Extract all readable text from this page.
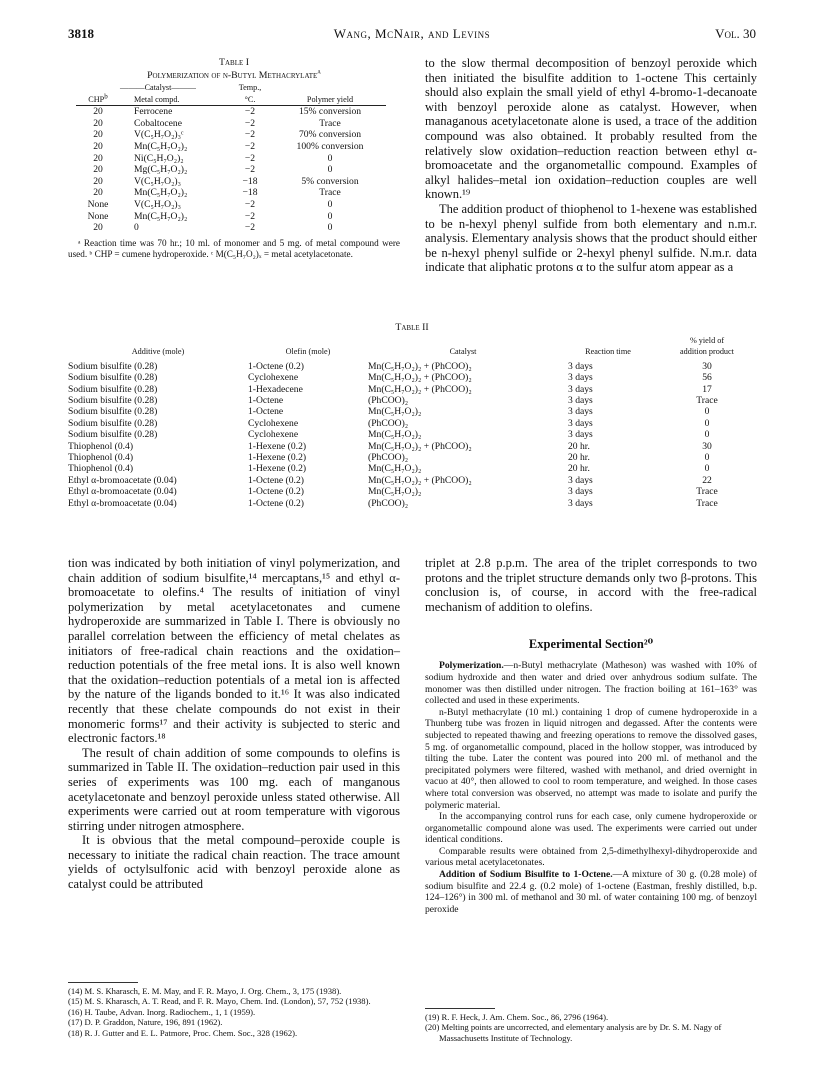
3818	Wang, McNair, and Levins	Vol. 30
Table I
Polymerization of n-Butyl Methacrylate$^a$
	———Catalyst———	Temp.,	
CHP$^b$	Metal compd.	°C.	Polymer yield
20	Ferrocene	−2	15% conversion
20	Cobaltocene	−2	Trace
20	V(C₅H₇O₂)₃ᶜ	−2	70% conversion
20	Mn(C₅H₇O₂)₂	−2	100% conversion
20	Ni(C₅H₇O₂)₂	−2	0
20	Mg(C₅H₇O₂)₂	−2	0
20	V(C₅H₇O₂)₃	−18	5% conversion
20	Mn(C₅H₇O₂)₂	−18	Trace
None	V(C₅H₇O₂)₃	−2	0
None	Mn(C₅H₇O₂)₂	−2	0
20	0	−2	0
ᵃ Reaction time was 70 hr.; 10 ml. of monomer and 5 mg. of metal compound were used. ᵇ CHP = cumene hydroperoxide. ᶜ M(C₅H₇O₂)ₓ = metal acetylacetonate.

to the slow thermal decomposition of benzoyl peroxide which then initiated the bisulfite addition to 1-octene This certainly should also explain the small yield of ethyl 4-bromo-1-decanoate with benzoyl peroxide alone as catalyst. However, when managanous acetylacetonate alone is used, a trace of the addition compound was also obtained. It probably resulted from the relatively slow oxidation–reduction reaction between ethyl α-bromoacetate and the organometallic compound. Examples of alkyl halides–metal ion oxidation–reduction couples are well known.¹⁹

The addition product of thiophenol to 1-hexene was established to be n-hexyl phenyl sulfide from both elementary and n.m.r. analysis. Elementary analysis shows that the product should either be n-hexyl phenyl sulfide or 2-hexyl phenyl sulfide. N.m.r. data indicate that aliphatic protons α to the sulfur atom appear as a

Table II
Additive (mole)	Olefin (mole)	Catalyst	Reaction time	% yield of
addition product

Sodium bisulfite (0.28)	1-Octene (0.2)	Mn(C₅H₇O₂)₂ + (PhCOO)₂	3 days	30
Sodium bisulfite (0.28)	Cyclohexene	Mn(C₅H₇O₂)₂ + (PhCOO)₂	3 days	56
Sodium bisulfite (0.28)	1-Hexadecene	Mn(C₅H₇O₂)₂ + (PhCOO)₂	3 days	17
Sodium bisulfite (0.28)	1-Octene	(PhCOO)₂	3 days	Trace
Sodium bisulfite (0.28)	1-Octene	Mn(C₅H₇O₂)₂	3 days	0
Sodium bisulfite (0.28)	Cyclohexene	(PhCOO)₂	3 days	0
Sodium bisulfite (0.28)	Cyclohexene	Mn(C₅H₇O₂)₂	3 days	0
Thiophenol (0.4)	1-Hexene (0.2)	Mn(C₅H₇O₂)₂ + (PhCOO)₂	20 hr.	30
Thiophenol (0.4)	1-Hexene (0.2)	(PhCOO)₂	20 hr.	0
Thiophenol (0.4)	1-Hexene (0.2)	Mn(C₅H₇O₂)₂	20 hr.	0
Ethyl α-bromoacetate (0.04)	1-Octene (0.2)	Mn(C₅H₇O₂)₂ + (PhCOO)₂	3 days	22
Ethyl α-bromoacetate (0.04)	1-Octene (0.2)	Mn(C₅H₇O₂)₂	3 days	Trace
Ethyl α-bromoacetate (0.04)	1-Octene (0.2)	(PhCOO)₂	3 days	Trace

tion was indicated by both initiation of vinyl polymerization, and chain addition of sodium bisulfite,¹⁴ mercaptans,¹⁵ and ethyl α-bromoacetate to olefins.⁴ The results of initiation of vinyl polymerization by metal acetylacetonates and cumene hydroperoxide are summarized in Table I. There is obviously no parallel correlation between the efficiency of metal chelates as initiators of free-radical chain reactions and the oxidation–reduction potentials of the free metal ions. It is also well known that the oxidation–reduction potentials of a metal ion is affected by the nature of the ligands bonded to it.¹⁶ It was also indicated recently that these chelate compounds do not exist in their monomeric forms¹⁷ and their activity is subjected to steric and electronic factors.¹⁸

The result of chain addition of some compounds to olefins is summarized in Table II. The oxidation–reduction pair used in this series of experiments was 100 mg. each of manganous acetylacetonate and benzoyl peroxide unless stated otherwise. All experiments were carried out at room temperature with vigorous stirring under nitrogen atmosphere.

It is obvious that the metal compound–peroxide couple is necessary to initiate the radical chain reaction. The trace amount yields of octylsulfonic acid with benzoyl peroxide alone as catalyst could be attributed

(14) M. S. Kharasch, E. M. May, and F. R. Mayo, J. Org. Chem., 3, 175 (1938).

(15) M. S. Kharasch, A. T. Read, and F. R. Mayo, Chem. Ind. (London), 57, 752 (1938).

(16) H. Taube, Advan. Inorg. Radiochem., 1, 1 (1959).

(17) D. P. Graddon, Nature, 196, 891 (1962).

(18) R. J. Gutter and E. L. Patmore, Proc. Chem. Soc., 328 (1962).

triplet at 2.8 p.p.m. The area of the triplet corresponds to two protons and the triplet structure demands only two β-protons. This conclusion is, of course, in accord with the free-radical mechanism of addition to olefins.

Experimental Section²⁰

Polymerization.—n-Butyl methacrylate (Matheson) was washed with 10% of sodium hydroxide and then water and dried over anhydrous sodium sulfate. The monomer was then distilled under nitrogen. The fraction boiling at 161–163° was collected and used in these experiments.

n-Butyl methacrylate (10 ml.) containing 1 drop of cumene hydroperoxide in a Thunberg tube was frozen in liquid nitrogen and degassed. After the contents were subjected to repeated thawing and freezing operations to remove the dissolved gases, 5 mg. of organometallic compound, placed in the hollow stopper, was introduced by tilting the tube. Later the content was poured into 200 ml. of methanol and the precipitated polymers were filtered, washed with methanol, and dried overnight in vacuo at 40°, then allowed to cool to room temperature, and weighed. In those cases where total conversion was observed, no attempt was made to isolate and purify the polymeric material.

In the accompanying control runs for each case, only cumene hydroperoxide or organometallic compound alone was used. The experiments were carried out under identical conditions.

Comparable results were obtained from 2,5-dimethylhexyl-dihydroperoxide and various metal acetylacetonates.

Addition of Sodium Bisulfite to 1-Octene.—A mixture of 30 g. (0.28 mole) of sodium bisulfite and 22.4 g. (0.2 mole) of 1-octene (Eastman, freshly distilled, b.p. 124–126°) in 300 ml. of methanol and 30 ml. of water containing 100 mg. of benzoyl peroxide

(19) R. F. Heck, J. Am. Chem. Soc., 86, 2796 (1964).

(20) Melting points are uncorrected, and elementary analysis are by Dr. S. M. Nagy of Massachusetts Institute of Technology.
